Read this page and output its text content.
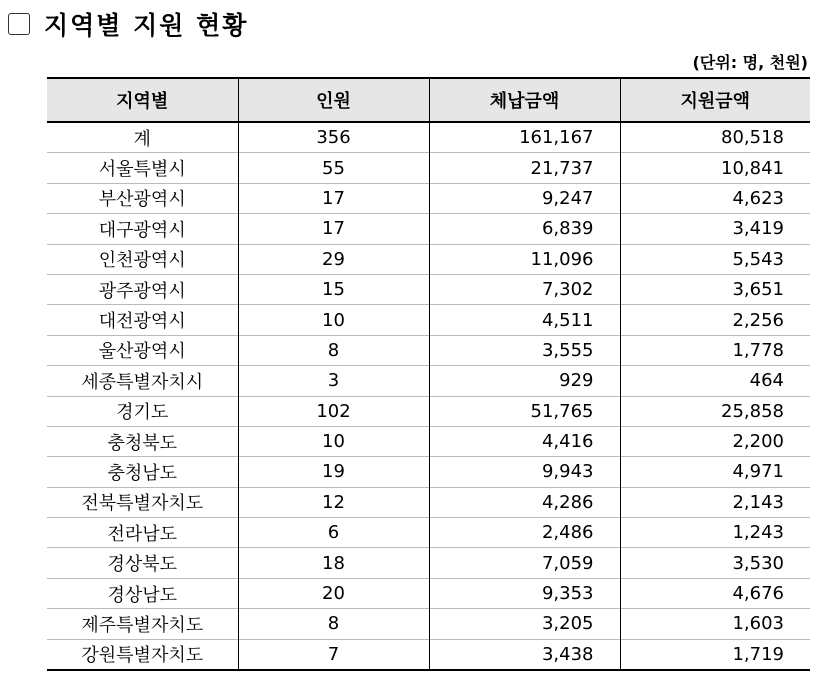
지역별 지원 현황
(단위: 명, 천원)
지역별	인원	체납금액	지원금액
계	356	161,167	80,518
서울특별시	55	21,737	10,841
부산광역시	17	9,247	4,623
대구광역시	17	6,839	3,419
인천광역시	29	11,096	5,543
광주광역시	15	7,302	3,651
대전광역시	10	4,511	2,256
울산광역시	8	3,555	1,778
세종특별자치시	3	929	464
경기도	102	51,765	25,858
충청북도	10	4,416	2,200
충청남도	19	9,943	4,971
전북특별자치도	12	4,286	2,143
전라남도	6	2,486	1,243
경상북도	18	7,059	3,530
경상남도	20	9,353	4,676
제주특별자치도	8	3,205	1,603
강원특별자치도	7	3,438	1,719
